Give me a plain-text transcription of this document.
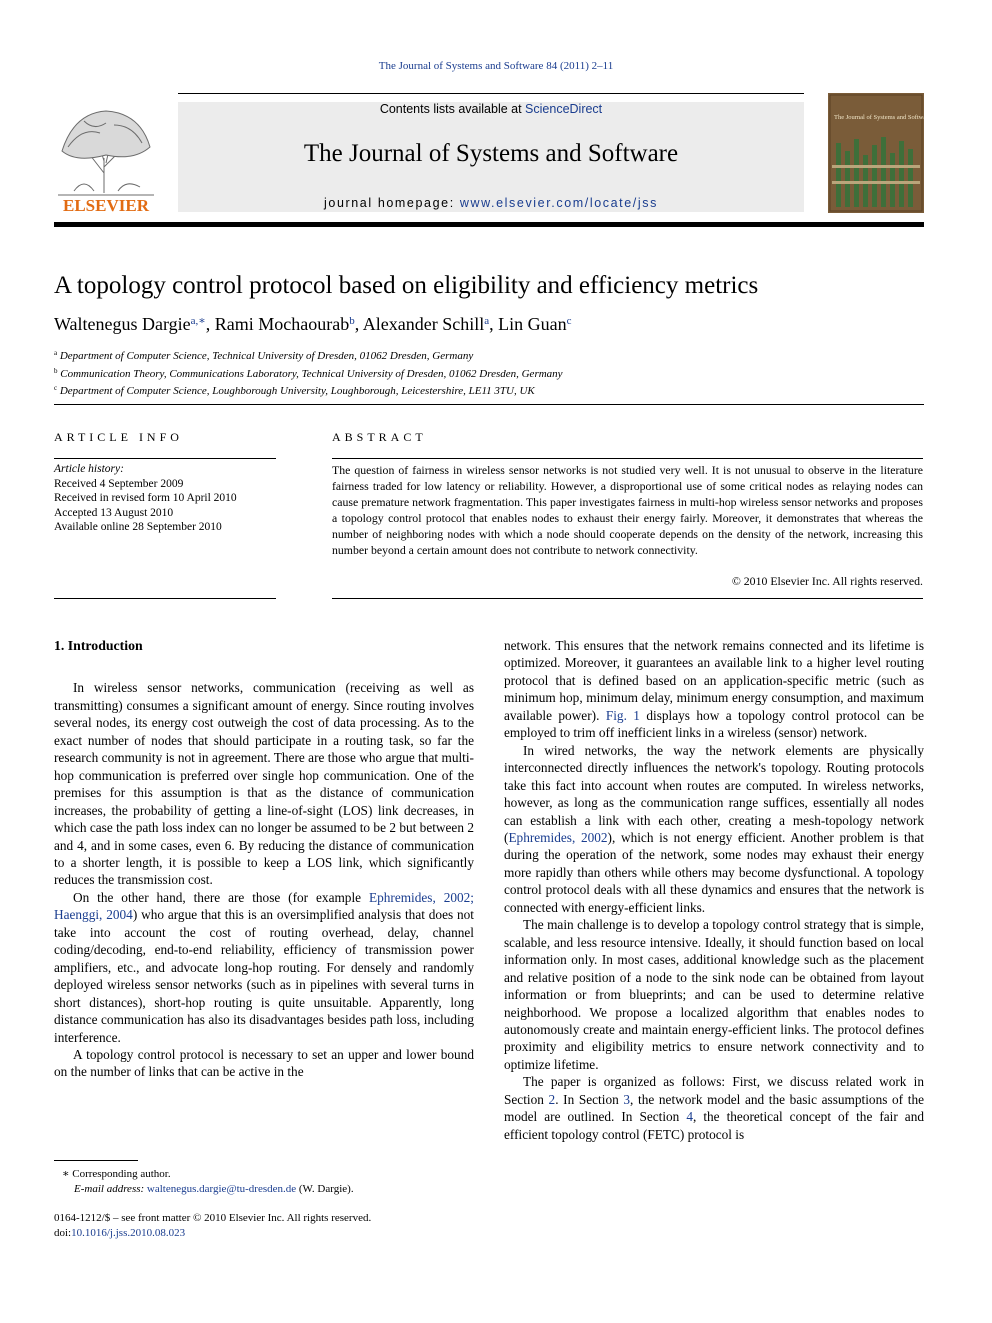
The Journal of Systems and Software 84 (2011) 2–11
ELSEVIER
Contents lists available at ScienceDirect
The Journal of Systems and Software
journal homepage: www.elsevier.com/locate/jss
The Journal of Systems and Software
A topology control protocol based on eligibility and efficiency metrics
Waltenegus Dargie$^{a,∗}$, Rami Mochaourab$^b$, Alexander Schill$^a$, Lin Guan$^c$
$^a$ Department of Computer Science, Technical University of Dresden, 01062 Dresden, Germany
$^b$ Communication Theory, Communications Laboratory, Technical University of Dresden, 01062 Dresden, Germany
$^c$ Department of Computer Science, Loughborough University, Loughborough, Leicestershire, LE11 3TU, UK
ARTICLE INFO
Article history:
Received 4 September 2009
Received in revised form 10 April 2010
Accepted 13 August 2010
Available online 28 September 2010
ABSTRACT
The question of fairness in wireless sensor networks is not studied very well. It is not unusual to observe in the literature fairness traded for low latency or reliability. However, a disproportional use of some critical nodes as relaying nodes can cause premature network fragmentation. This paper investigates fairness in multi-hop wireless sensor networks and proposes a topology control protocol that enables nodes to exhaust their energy fairly. Moreover, it demonstrates that whereas the number of neighboring nodes with which a node should cooperate depends on the density of the network, increasing this number beyond a certain amount does not contribute to network connectivity.
© 2010 Elsevier Inc. All rights reserved.
1. Introduction

In wireless sensor networks, communication (receiving as well as transmitting) consumes a significant amount of energy. Since routing involves several nodes, its energy cost outweigh the cost of data processing. As to the exact number of nodes that should participate in a routing task, so far the research community is not in agreement. There are those who argue that multi-hop communication is preferred over single hop communication. One of the premises for this assumption is that as the distance of communication increases, the probability of getting a line-of-sight (LOS) link decreases, in which case the path loss index can no longer be assumed to be 2 but between 2 and 4, and in some cases, even 6. By reducing the distance of communication to a shorter length, it is possible to keep a LOS link, which significantly reduces the transmission cost.

On the other hand, there are those (for example Ephremides, 2002; Haenggi, 2004) who argue that this is an oversimplified analysis that does not take into account the cost of routing overhead, delay, channel coding/decoding, end-to-end reliability, efficiency of transmission power amplifiers, etc., and advocate long-hop routing. For densely and randomly deployed wireless sensor networks (such as in pipelines with several turns in short distances), short-hop routing is quite unsuitable. Apparently, long distance communication has also its disadvantages besides path loss, including interference.

A topology control protocol is necessary to set an upper and lower bound on the number of links that can be active in the

network. This ensures that the network remains connected and its lifetime is optimized. Moreover, it guarantees an available link to a higher level routing protocol that is defined based on an application-specific metric (such as minimum hop, minimum delay, minimum energy consumption, and maximum available power). Fig. 1 displays how a topology control protocol can be employed to trim off inefficient links in a wireless (sensor) network.

In wired networks, the way the network elements are physically interconnected directly influences the network's topology. Routing protocols take this fact into account when routes are computed. In wireless networks, however, as long as the communication range suffices, essentially all nodes can establish a link with each other, creating a mesh-topology network (Ephremides, 2002), which is not energy efficient. Another problem is that during the operation of the network, some nodes may exhaust their energy more rapidly than others while others may become dysfunctional. A topology control protocol deals with all these dynamics and ensures that the network is connected with energy-efficient links.

The main challenge is to develop a topology control strategy that is simple, scalable, and less resource intensive. Ideally, it should function based on local information only. In most cases, additional knowledge such as the placement and relative position of a node to the sink node can be obtained from layout information or from blueprints; and can be used to determine relative neighborhood. We propose a localized algorithm that enables nodes to autonomously create and maintain energy-efficient links. The protocol defines proximity and eligibility metrics to ensure network connectivity and to optimize lifetime.

The paper is organized as follows: First, we discuss related work in Section 2. In Section 3, the network model and the basic assumptions of the model are outlined. In Section 4, the theoretical concept of the fair and efficient topology control (FETC) protocol is

∗ Corresponding author.
E-mail address: waltenegus.dargie@tu-dresden.de (W. Dargie).
0164-1212/$ – see front matter © 2010 Elsevier Inc. All rights reserved.
doi:10.1016/j.jss.2010.08.023
